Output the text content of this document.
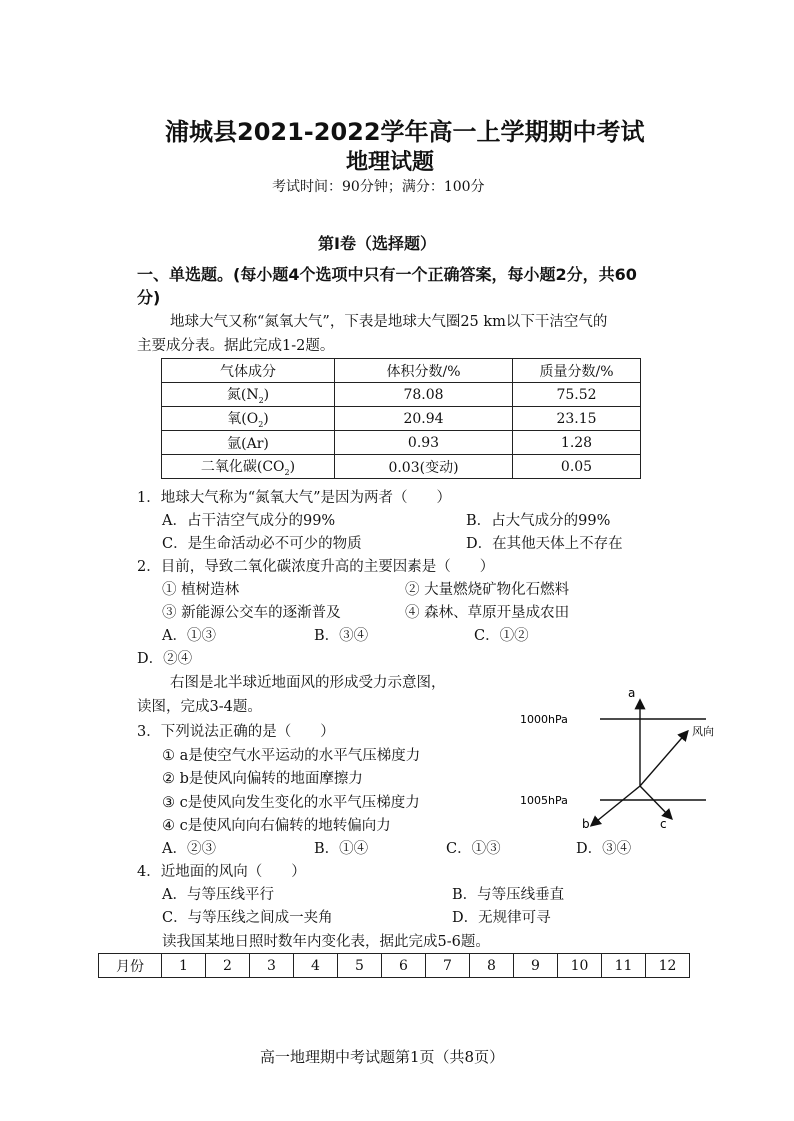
浦城县2021-2022学年高一上学期期中考试
地理试题
考试时间：90分钟；满分：100分
第Ⅰ卷（选择题）
一、单选题。(每小题4个选项中只有一个正确答案，每小题2分，共60
分)
地球大气又称“氮氧大气”，下表是地球大气圈25 km以下干洁空气的
主要成分表。据此完成1-2题。
气体成分	体积分数/%	质量分数/%
氮$(N_2)$	78.08	75.52
氧$(O_2)$	20.94	23.15
氩(Ar)	0.93	1.28
二氧化碳$(CO_2)$	0.03(变动)	0.05
1．地球大气称为“氮氧大气”是因为两者（　　）
A．占干洁空气成分的99%	B．占大气成分的99%
C．是生命活动必不可少的物质	D．在其他天体上不存在
2．目前，导致二氧化碳浓度升高的主要因素是（　　）
① 植树造林	② 大量燃烧矿物化石燃料
③ 新能源公交车的逐渐普及	④ 森林、草原开垦成农田
A．①③	B．③④	C．①②
D．②④
右图是北半球近地面风的形成受力示意图，
读图，完成3-4题。
3．下列说法正确的是（　　）
① a是使空气水平运动的水平气压梯度力
② b是使风向偏转的地面摩擦力
③ c是使风向发生变化的水平气压梯度力
④ c是使风向向右偏转的地转偏向力
A．②③	B．①④	C．①③	D．③④
4．近地面的风向（　　）
A．与等压线平行	B．与等压线垂直
C．与等压线之间成一夹角	D．无规律可寻
读我国某地日照时数年内变化表，据此完成5-6题。
1000hPa
1005hPa
a
风向
b	c
月份	1	2	3	4	5	6	7	8	9	10	11	12
高一地理期中考试题第1页（共8页）
